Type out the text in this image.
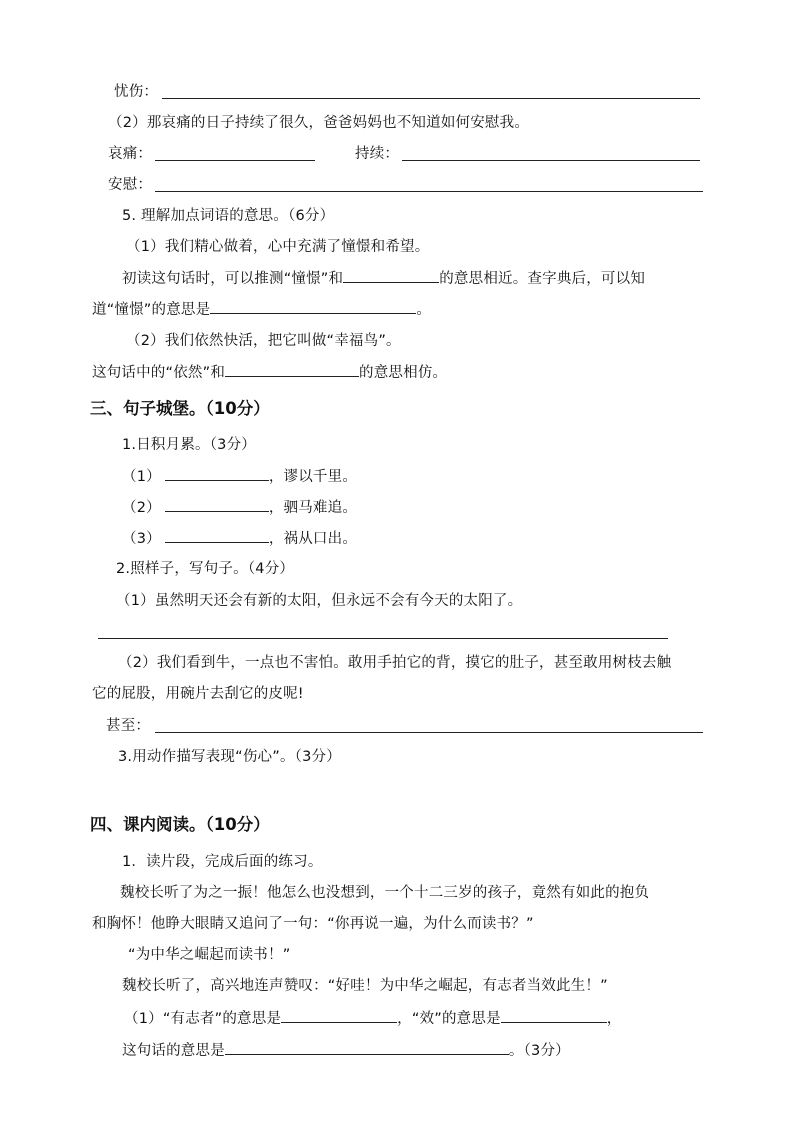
忧伤：
（2）那哀痛的日子持续了很久，爸爸妈妈也不知道如何安慰我。
哀痛：	持续：
安慰：
5. 理解加点词语的意思。（6分）
（1）我们精心做着，心中充满了憧憬和希望。
初读这句话时，可以推测“憧憬”和	的意思相近。查字典后，可以知
道“憧憬”的意思是	。
（2）我们依然快活，把它叫做“幸福鸟”。
这句话中的“依然”和	的意思相仿。
三、句子城堡。（10分）
1.日积月累。（3分）
（1）	，谬以千里。
（2）	，驷马难追。
（3）	，祸从口出。
2.照样子，写句子。（4分）
（1）虽然明天还会有新的太阳，但永远不会有今天的太阳了。
（2）我们看到牛，一点也不害怕。敢用手拍它的背，摸它的肚子，甚至敢用树枝去触
它的屁股，用碗片去刮它的皮呢!
甚至：
3.用动作描写表现“伤心”。（3分）
四、课内阅读。（10分）
1．读片段，完成后面的练习。
魏校长听了为之一振！他怎么也没想到，一个十二三岁的孩子，竟然有如此的抱负
和胸怀！他睁大眼睛又追问了一句：“你再说一遍，为什么而读书？”
“为中华之崛起而读书！”
魏校长听了，高兴地连声赞叹：“好哇！为中华之崛起，有志者当效此生！”
（1）“有志者”的意思是	，“效”的意思是	，
这句话的意思是	。（3分）
